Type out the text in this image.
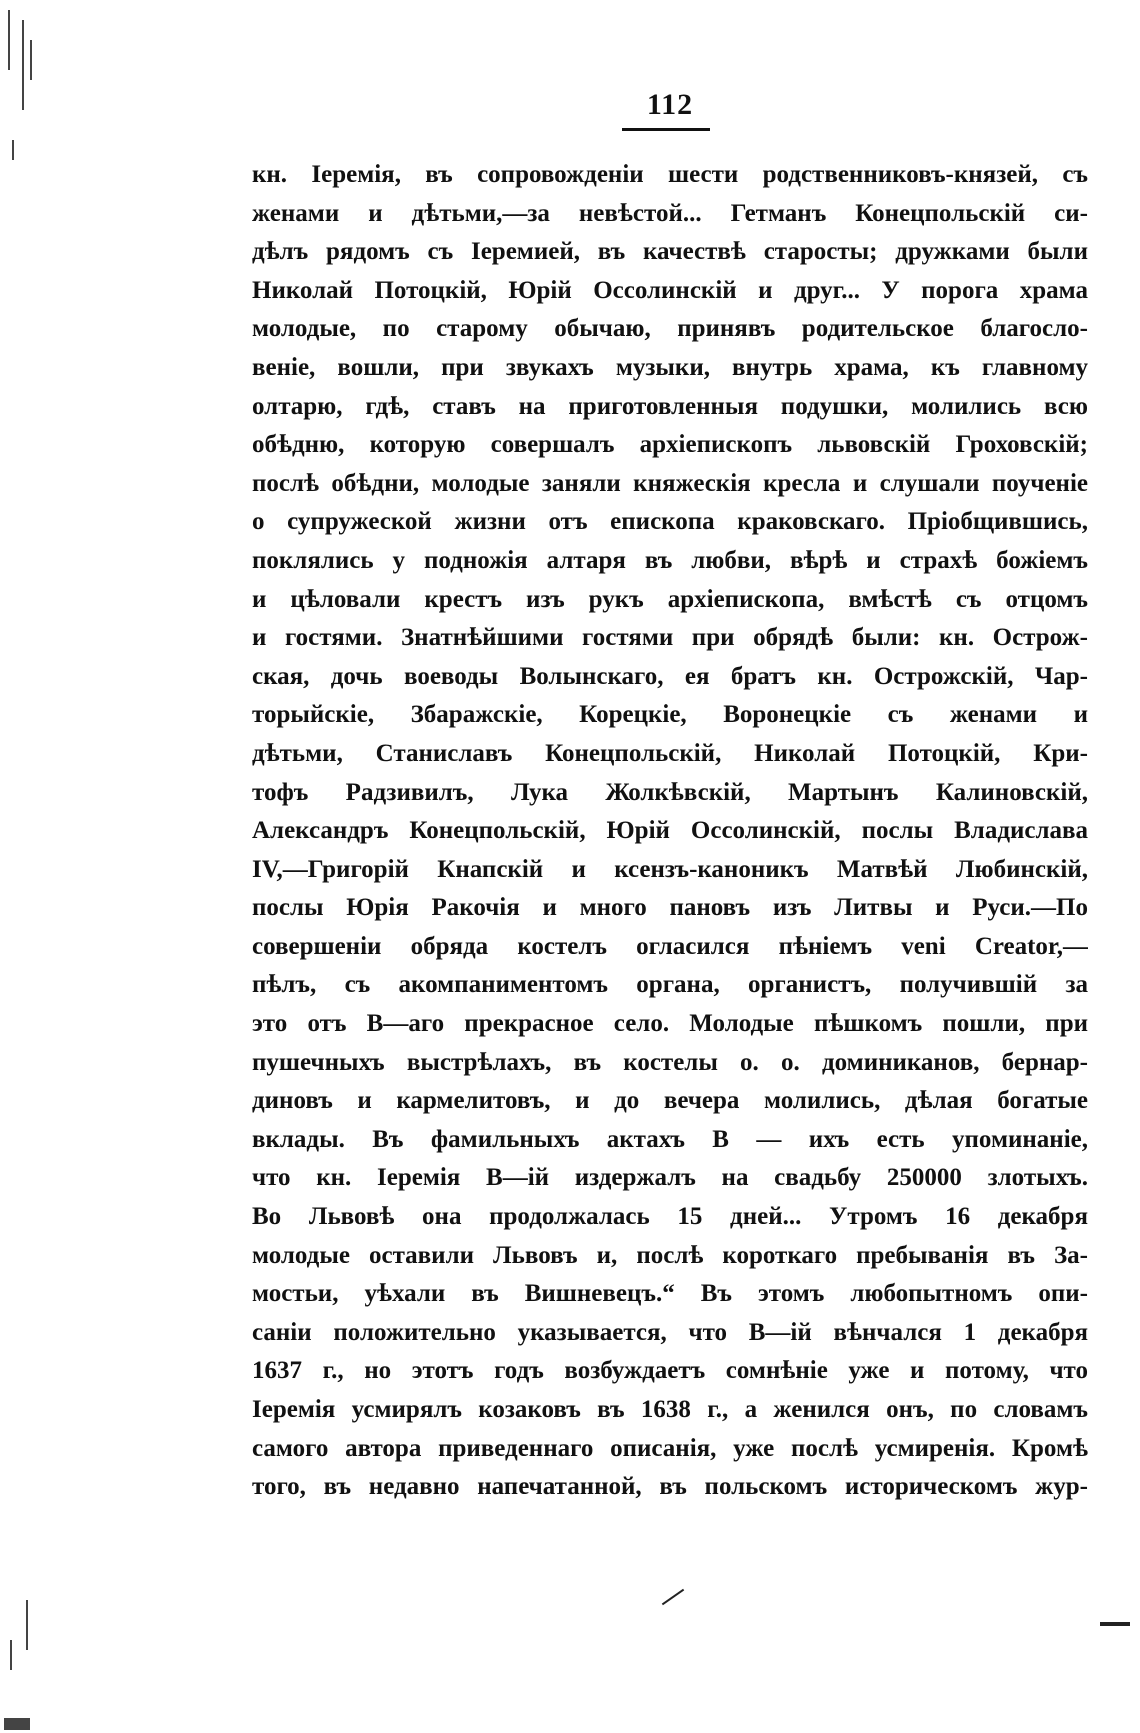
112
кн. Іеремія, въ сопровожденіи шести родственниковъ-князей, съ
женами и дѣтьми,—за невѣстой... Гетманъ Конецпольскій си-
дѣлъ рядомъ съ Іеремией, въ качествѣ старосты; дружками были
Николай Потоцкій, Юрій Оссолинскій и друг... У порога храма
молодые, по старому обычаю, принявъ родительское благосло-
веніе, вошли, при звукахъ музыки, внутрь храма, къ главному
олтарю, гдѣ, ставъ на приготовленныя подушки, молились всю
обѣдню, которую совершалъ архіепископъ львовскій Гроховскій;
послѣ обѣдни, молодые заняли княжескія кресла и слушали поученіе
о супружеской жизни отъ епископа краковскаго. Пріобщившись,
поклялись у подножія алтаря въ любви, вѣрѣ и страхѣ божіемъ
и цѣловали крестъ изъ рукъ архіепископа, вмѣстѣ съ отцомъ
и гостями. Знатнѣйшими гостями при обрядѣ были: кн. Острож-
ская, дочь воеводы Волынскаго, ея братъ кн. Острожскій, Чар-
торыйскіе, Збаражскіе, Корецкіе, Воронецкіе съ женами и
дѣтьми, Станиславъ Конецпольскій, Николай Потоцкій, Кри-
тофъ Радзивилъ, Лука Жолкѣвскій, Мартынъ Калиновскій,
Александръ Конецпольскій, Юрій Оссолинскій, послы Владислава
IV,—Григорій Кнапскій и ксензъ-каноникъ Матвѣй Любинскій,
послы Юрія Ракочія и много пановъ изъ Литвы и Руси.—По
совершеніи обряда костелъ огласился пѣніемъ veni Creator,—
пѣлъ, съ акомпаниментомъ органа, органистъ, получившій за
это отъ В—аго прекрасное село. Молодые пѣшкомъ пошли, при
пушечныхъ выстрѣлахъ, въ костелы о. о. доминиканов, бернар-
диновъ и кармелитовъ, и до вечера молились, дѣлая богатые
вклады. Въ фамильныхъ актахъ В — ихъ есть упоминаніе,
что кн. Іеремія В—ій издержалъ на свадьбу 250000 злотыхъ.
Во Львовѣ она продолжалась 15 дней... Утромъ 16 декабря
молодые оставили Львовъ и, послѣ короткаго пребыванія въ За-
мостьи, уѣхали въ Вишневецъ.“ Въ этомъ любопытномъ опи-
саніи положительно указывается, что В—ій вѣнчался 1 декабря
1637 г., но этотъ годъ возбуждаетъ сомнѣніе уже и потому, что
Іеремія усмирялъ козаковъ въ 1638 г., а женился онъ, по словамъ
самого автора приведеннаго описанія, уже послѣ усмиренія. Кромѣ
того, въ недавно напечатанной, въ польскомъ историческомъ жур-
